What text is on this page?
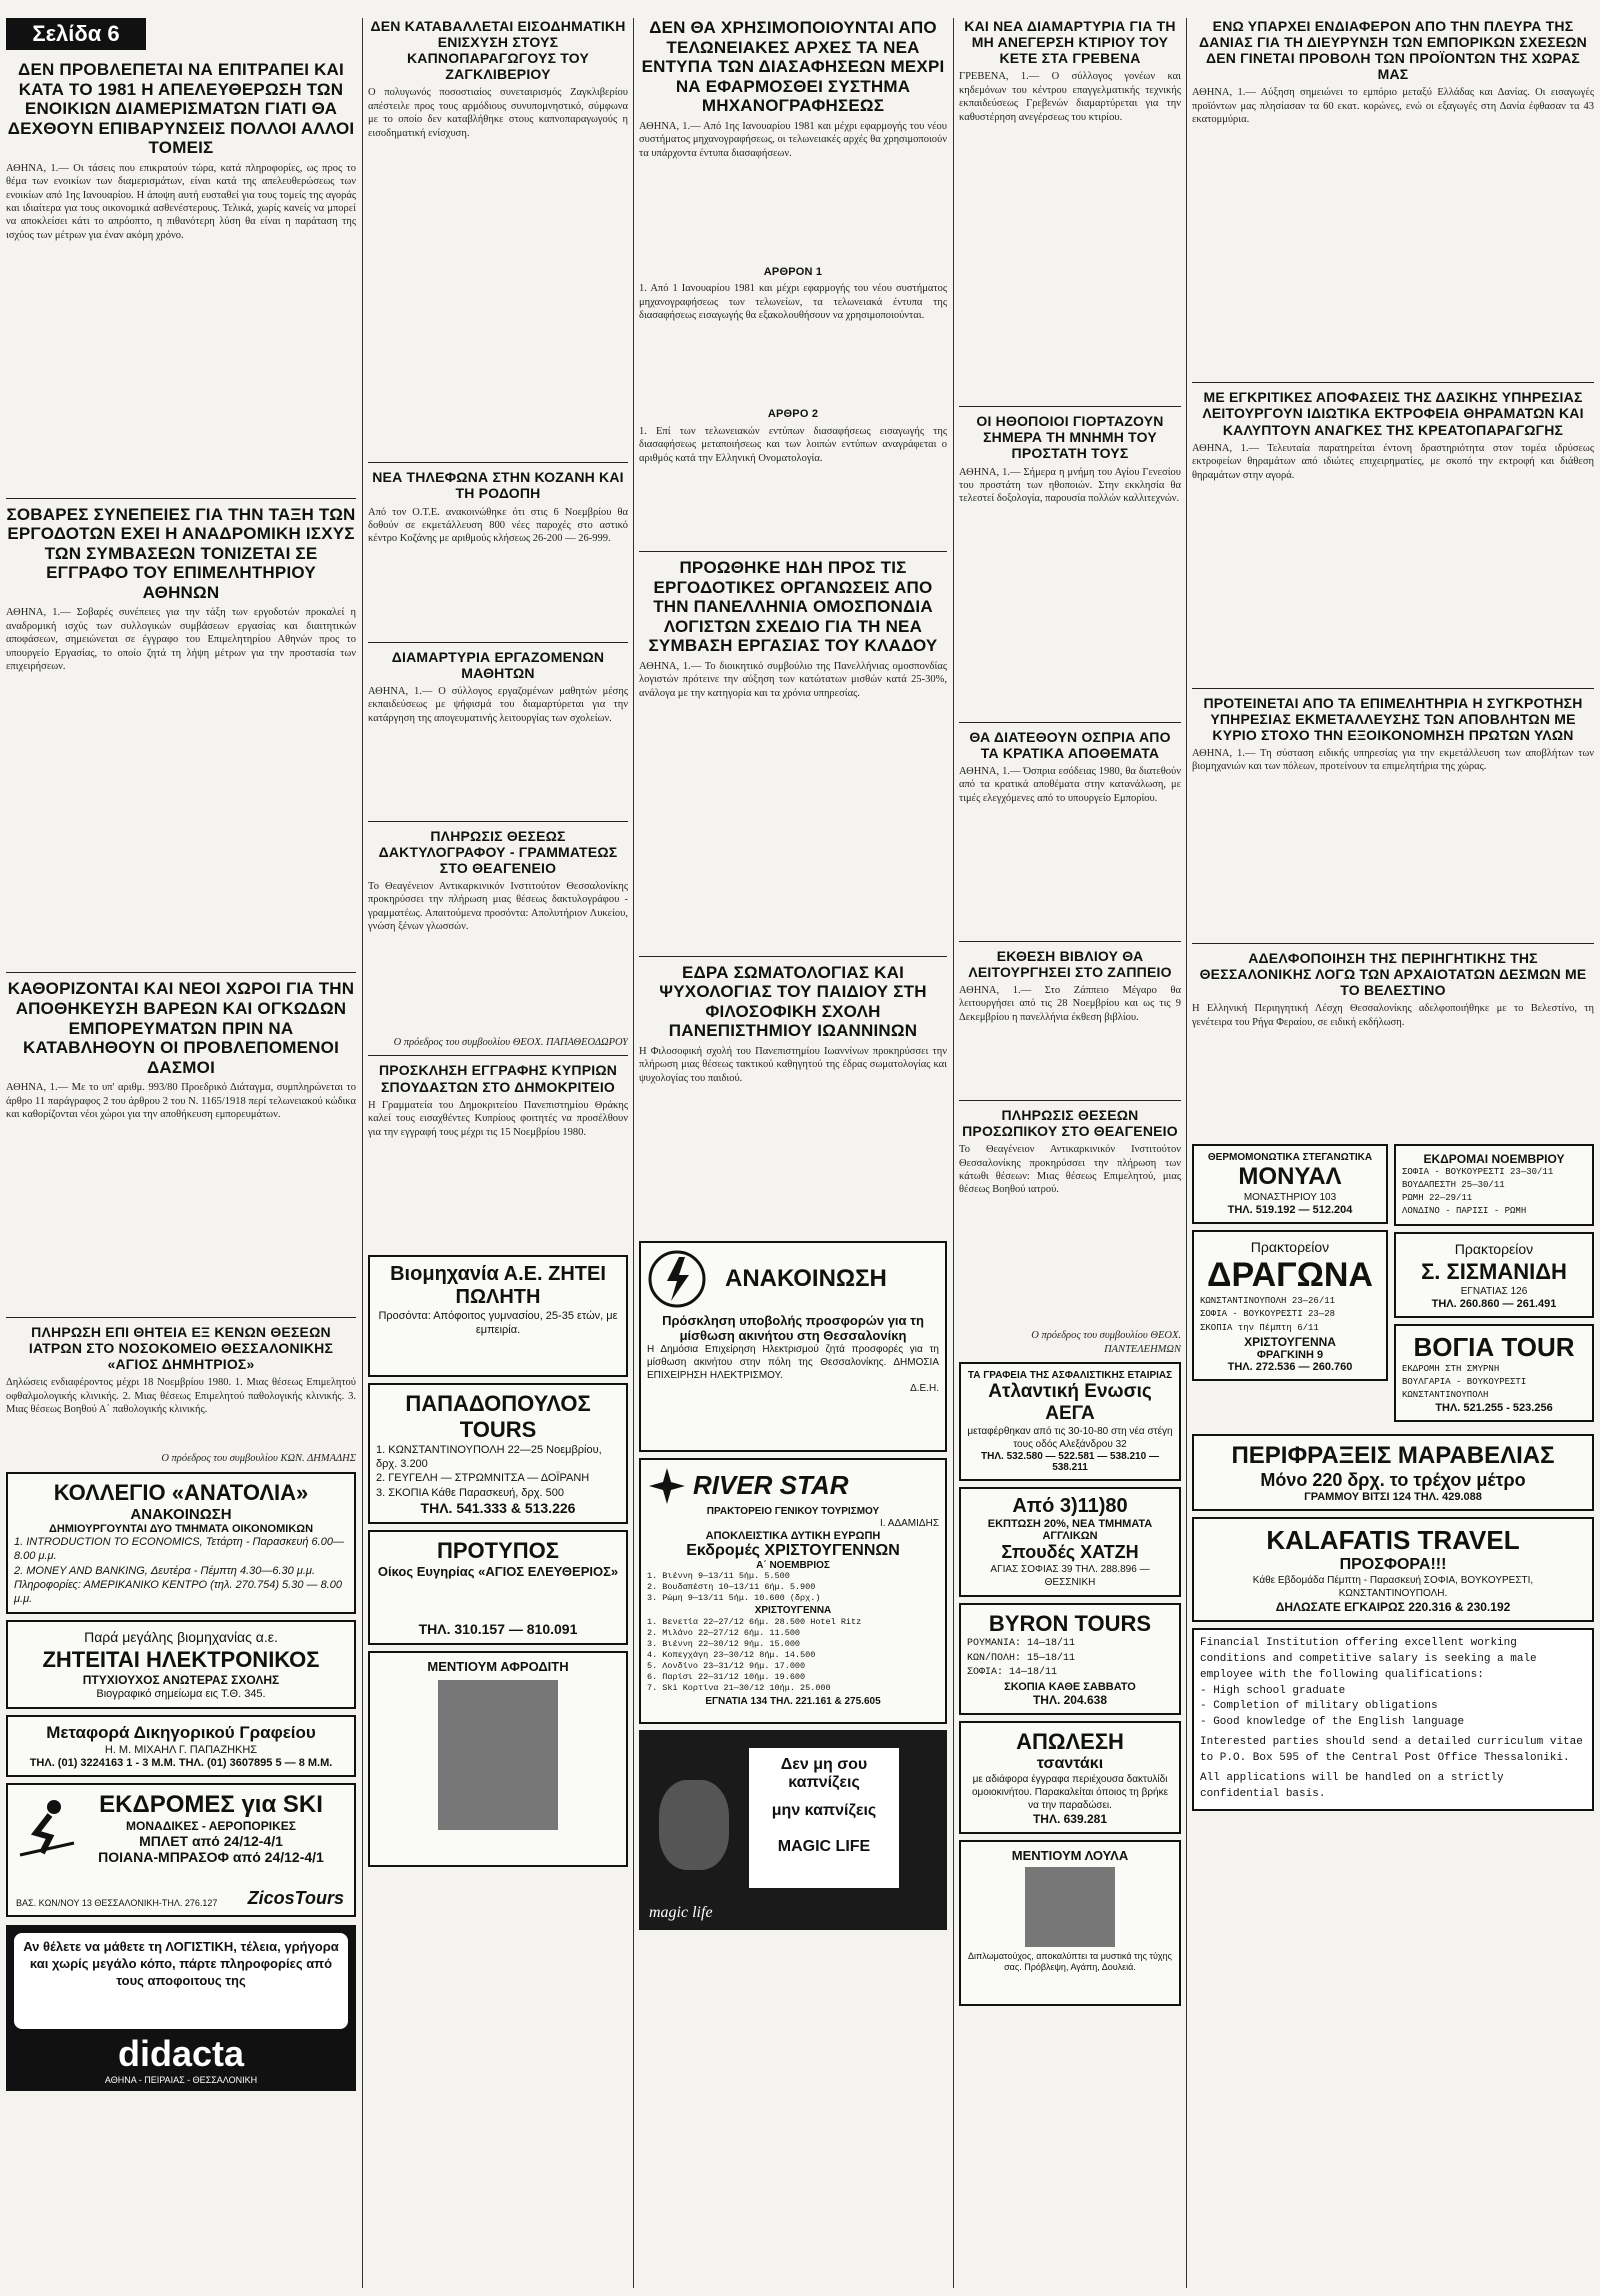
Σελίδα 6
ΔΕΝ ΠΡΟΒΛΕΠΕΤΑΙ ΝΑ ΕΠΙΤΡΑΠΕΙ ΚΑΙ ΚΑΤΑ ΤΟ 1981 Η ΑΠΕΛΕΥΘΕΡΩΣΗ ΤΩΝ ΕΝΟΙΚΙΩΝ ΔΙΑΜΕΡΙΣΜΑΤΩΝ ΓΙΑΤΙ ΘΑ ΔΕΧΘΟΥΝ ΕΠΙΒΑΡΥΝΣΕΙΣ ΠΟΛΛΟΙ ΑΛΛΟΙ ΤΟΜΕΙΣ
ΑΘΗΝΑ, 1.— Οι τάσεις που επικρατούν τώρα, κατά πληροφορίες, ως προς το θέμα των ενοικίων των διαμερισμάτων, είναι κατά της απελευθερώσεως των ενοικίων από 1ης Ιανουαρίου. Η άποψη αυτή ευσταθεί για τους τομείς της αγοράς και ιδιαίτερα για τους οικονομικά ασθενέστερους. Τελικά, χωρίς κανείς να μπορεί να αποκλείσει κάτι το απρόοπτο, η πιθανότερη λύση θα είναι η παράταση της ισχύος των μέτρων για έναν ακόμη χρόνο.
ΣΟΒΑΡΕΣ ΣΥΝΕΠΕΙΕΣ ΓΙΑ ΤΗΝ ΤΑΞΗ ΤΩΝ ΕΡΓΟΔΟΤΩΝ ΕΧΕΙ Η ΑΝΑΔΡΟΜΙΚΗ ΙΣΧΥΣ ΤΩΝ ΣΥΜΒΑΣΕΩΝ ΤΟΝΙΖΕΤΑΙ ΣΕ ΕΓΓΡΑΦΟ ΤΟΥ ΕΠΙΜΕΛΗΤΗΡΙΟΥ ΑΘΗΝΩΝ
ΑΘΗΝΑ, 1.— Σοβαρές συνέπειες για την τάξη των εργοδοτών προκαλεί η αναδρομική ισχύς των συλλογικών συμβάσεων εργασίας και διαιτητικών αποφάσεων, σημειώνεται σε έγγραφο του Επιμελητηρίου Αθηνών προς το υπουργείο Εργασίας, το οποίο ζητά τη λήψη μέτρων για την προστασία των επιχειρήσεων.
ΚΑΘΟΡΙΖΟΝΤΑΙ ΚΑΙ ΝΕΟΙ ΧΩΡΟΙ ΓΙΑ ΤΗΝ ΑΠΟΘΗΚΕΥΣΗ ΒΑΡΕΩΝ ΚΑΙ ΟΓΚΩΔΩΝ ΕΜΠΟΡΕΥΜΑΤΩΝ ΠΡΙΝ ΝΑ ΚΑΤΑΒΛΗΘΟΥΝ ΟΙ ΠΡΟΒΛΕΠΟΜΕΝΟΙ ΔΑΣΜΟΙ
ΑΘΗΝΑ, 1.— Με το υπ' αριθμ. 993/80 Προεδρικό Διάταγμα, συμπληρώνεται το άρθρο 11 παράγραφος 2 του άρθρου 2 του Ν. 1165/1918 περί τελωνειακού κώδικα και καθορίζονται νέοι χώροι για την αποθήκευση εμπορευμάτων.
ΠΛΗΡΩΣΗ ΕΠΙ ΘΗΤΕΙΑ ΕΞ ΚΕΝΩΝ ΘΕΣΕΩΝ ΙΑΤΡΩΝ ΣΤΟ ΝΟΣΟΚΟΜΕΙΟ ΘΕΣΣΑΛΟΝΙΚΗΣ «ΑΓΙΟΣ ΔΗΜΗΤΡΙΟΣ»
Δηλώσεις ενδιαφέροντος μέχρι 18 Νοεμβρίου 1980. 1. Μιας θέσεως Επιμελητού οφθαλμολογικής κλινικής. 2. Μιας θέσεως Επιμελητού παθολογικής κλινικής. 3. Μιας θέσεως Βοηθού Α΄ παθολογικής κλινικής.
Ο πρόεδρος του συμβουλίου ΚΩΝ. ΔΗΜΑΔΗΣ
ΚΟΛΛΕΓΙΟ «ΑΝΑΤΟΛΙΑ»
ΑΝΑΚΟΙΝΩΣΗ
ΔΗΜΙΟΥΡΓΟΥΝΤΑΙ ΔΥΟ ΤΜΗΜΑΤΑ ΟΙΚΟΝΟΜΙΚΩΝ
1. INTRODUCTION TO ECONOMICS, Τετάρτη - Παρασκευή 6.00—8.00 μ.μ.
2. MONEY AND BANKING, Δευτέρα - Πέμπτη 4.30—6.30 μ.μ.
Πληροφορίες: ΑΜΕΡΙΚΑΝΙΚΟ ΚΕΝΤΡΟ (τηλ. 270.754) 5.30 — 8.00 μ.μ.
Παρά μεγάλης βιομηχανίας α.ε.
ΖΗΤΕΙΤΑΙ ΗΛΕΚΤΡΟΝΙΚΟΣ
ΠΤΥΧΙΟΥΧΟΣ ΑΝΩΤΕΡΑΣ ΣΧΟΛΗΣ
Βιογραφικό σημείωμα εις Τ.Θ. 345.
Μεταφορά Δικηγορικού Γραφείου
Η. Μ. ΜΙΧΑΗΛ Γ. ΠΑΠΑΖΗΚΗΣ
ΤΗΛ. (01) 3224163 1 - 3 Μ.Μ. ΤΗΛ. (01) 3607895 5 — 8 Μ.Μ.
ΕΚΔΡΟΜΕΣ για SKI
ΜΟΝΑΔΙΚΕΣ - ΑΕΡΟΠΟΡΙΚΕΣ
ΜΠΛΕΤ από 24/12-4/1
ΠΟΙΑΝΑ-ΜΠΡΑΣΟΦ από 24/12-4/1
ΒΑΣ. ΚΩΝ/ΝΟΥ 13 ΘΕΣΣΑΛΟΝΙΚΗ-ΤΗΛ. 276.127 ZicosTours
Αν θέλετε να μάθετε τη ΛΟΓΙΣΤΙΚΗ, τέλεια, γρήγορα και χωρίς μεγάλο κόπο, πάρτε πληροφορίες από τους αποφοιτους της
didacta
ΑΘΗΝΑ - ΠΕΙΡΑΙΑΣ - ΘΕΣΣΑΛΟΝΙΚΗ
ΔΕΝ ΚΑΤΑΒΑΛΛΕΤΑΙ ΕΙΣΟΔΗΜΑΤΙΚΗ ΕΝΙΣΧΥΣΗ ΣΤΟΥΣ ΚΑΠΝΟΠΑΡΑΓΩΓΟΥΣ ΤΟΥ ΖΑΓΚΛΙΒΕΡΙΟΥ
Ο πολυγωνός ποσοστιαίος συνεταιρισμός Ζαγκλιβερίου απέστειλε προς τους αρμόδιους συνυπομνηστικό, σύμφωνα με το οποίο δεν καταβλήθηκε στους καπνοπαραγωγούς η εισοδηματική ενίσχυση.
ΝΕΑ ΤΗΛΕΦΩΝΑ ΣΤΗΝ ΚΟΖΑΝΗ ΚΑΙ ΤΗ ΡΟΔΟΠΗ
Από τον Ο.Τ.Ε. ανακοινώθηκε ότι στις 6 Νοεμβρίου θα δοθούν σε εκμετάλλευση 800 νέες παροχές στο αστικό κέντρο Κοζάνης με αριθμούς κλήσεως 26-200 — 26-999.
ΔΙΑΜΑΡΤΥΡΙΑ ΕΡΓΑΖΟΜΕΝΩΝ ΜΑΘΗΤΩΝ
ΑΘΗΝΑ, 1.— Ο σύλλογος εργαζομένων μαθητών μέσης εκπαιδεύσεως με ψήφισμά του διαμαρτύρεται για την κατάργηση της απογευματινής λειτουργίας των σχολείων.
ΠΛΗΡΩΣΙΣ ΘΕΣΕΩΣ ΔΑΚΤΥΛΟΓΡΑΦΟΥ - ΓΡΑΜΜΑΤΕΩΣ ΣΤΟ ΘΕΑΓΕΝΕΙΟ
Το Θεαγένειον Αντικαρκινικόν Ινστιτούτον Θεσσαλονίκης προκηρύσσει την πλήρωση μιας θέσεως δακτυλογράφου - γραμματέως. Απαιτούμενα προσόντα: Απολυτήριον Λυκείου, γνώση ξένων γλωσσών.
Ο πρόεδρος του συμβουλίου ΘΕΟΧ. ΠΑΠΑΘΕΟΔΩΡΟΥ
ΠΡΟΣΚΛΗΣΗ ΕΓΓΡΑΦΗΣ ΚΥΠΡΙΩΝ ΣΠΟΥΔΑΣΤΩΝ ΣΤΟ ΔΗΜΟΚΡΙΤΕΙΟ
Η Γραμματεία του Δημοκριτείου Πανεπιστημίου Θράκης καλεί τους εισαχθέντες Κυπρίους φοιτητές να προσέλθουν για την εγγραφή τους μέχρι τις 15 Νοεμβρίου 1980.
Βιομηχανία Α.Ε. ΖΗΤΕΙ ΠΩΛΗΤΗ
Προσόντα: Απόφοιτος γυμνασίου, 25-35 ετών, με εμπειρία.
ΠΑΠΑΔΟΠΟΥΛΟΣ TOURS
1. ΚΩΝΣΤΑΝΤΙΝΟΥΠΟΛΗ 22—25 Νοεμβρίου, δρχ. 3.200
2. ΓΕΥΓΕΛΗ — ΣΤΡΩΜΝΙΤΣΑ — ΔΟΪΡΑΝΗ
3. ΣΚΟΠΙΑ Κάθε Παρασκευή, δρχ. 500
ΤΗΛ. 541.333 & 513.226
ΠΡΟΤΥΠΟΣ
Οίκος Ευγηρίας «ΑΓΙΟΣ ΕΛΕΥΘΕΡΙΟΣ»
ΤΗΛ. 310.157 — 810.091
ΜΕΝΤΙΟΥΜ ΑΦΡΟΔΙΤΗ
ΔΕΝ ΘΑ ΧΡΗΣΙΜΟΠΟΙΟΥΝΤΑΙ ΑΠΟ ΤΕΛΩΝΕΙΑΚΕΣ ΑΡΧΕΣ ΤΑ ΝΕΑ ΕΝΤΥΠΑ ΤΩΝ ΔΙΑΣΑΦΗΣΕΩΝ ΜΕΧΡΙ ΝΑ ΕΦΑΡΜΟΣΘΕΙ ΣΥΣΤΗΜΑ ΜΗΧΑΝΟΓΡΑΦΗΣΕΩΣ
ΑΘΗΝΑ, 1.— Από 1ης Ιανουαρίου 1981 και μέχρι εφαρμογής του νέου συστήματος μηχανογραφήσεως, οι τελωνειακές αρχές θα χρησιμοποιούν τα υπάρχοντα έντυπα διασαφήσεων.
ΑΡΘΡΟΝ 1
1. Από 1 Ιανουαρίου 1981 και μέχρι εφαρμογής του νέου συστήματος μηχανογραφήσεως των τελωνείων, τα τελωνειακά έντυπα της διασαφήσεως εισαγωγής θα εξακολουθήσουν να χρησιμοποιούνται.
ΑΡΘΡΟ 2
1. Επί των τελωνειακών εντύπων διασαφήσεως εισαγωγής της διασαφήσεως μεταποιήσεως και των λοιπών εντύπων αναγράφεται ο αριθμός κατά την Ελληνική Ονοματολογία.
ΠΡΟΩΘΗΚΕ ΗΔΗ ΠΡΟΣ ΤΙΣ ΕΡΓΟΔΟΤΙΚΕΣ ΟΡΓΑΝΩΣΕΙΣ ΑΠΟ ΤΗΝ ΠΑΝΕΛΛΗΝΙΑ ΟΜΟΣΠΟΝΔΙΑ ΛΟΓΙΣΤΩΝ ΣΧΕΔΙΟ ΓΙΑ ΤΗ ΝΕΑ ΣΥΜΒΑΣΗ ΕΡΓΑΣΙΑΣ ΤΟΥ ΚΛΑΔΟΥ
ΑΘΗΝΑ, 1.— Το διοικητικό συμβούλιο της Πανελλήνιας ομοσπονδίας λογιστών πρότεινε την αύξηση των κατώτατων μισθών κατά 25-30%, ανάλογα με την κατηγορία και τα χρόνια υπηρεσίας.
ΕΔΡΑ ΣΩΜΑΤΟΛΟΓΙΑΣ ΚΑΙ ΨΥΧΟΛΟΓΙΑΣ ΤΟΥ ΠΑΙΔΙΟΥ ΣΤΗ ΦΙΛΟΣΟΦΙΚΗ ΣΧΟΛΗ ΠΑΝΕΠΙΣΤΗΜΙΟΥ ΙΩΑΝΝΙΝΩΝ
Η Φιλοσοφική σχολή του Πανεπιστημίου Ιωαννίνων προκηρύσσει την πλήρωση μιας θέσεως τακτικού καθηγητού της έδρας σωματολογίας και ψυχολογίας του παιδιού.
ΑΝΑΚΟΙΝΩΣΗ
Πρόσκληση υποβολής προσφορών για τη μίσθωση ακινήτου στη Θεσσαλονίκη
Η Δημόσια Επιχείρηση Ηλεκτρισμού ζητά προσφορές για τη μίσθωση ακινήτου στην πόλη της Θεσσαλονίκης. ΔΗΜΟΣΙΑ ΕΠΙΧΕΙΡΗΣΗ ΗΛΕΚΤΡΙΣΜΟΥ.
Δ.Ε.Η.
RIVER STAR
ΠΡΑΚΤΟΡΕΙΟ ΓΕΝΙΚΟΥ ΤΟΥΡΙΣΜΟΥ
Ι. ΑΔΑΜΙΔΗΣ
ΑΠΟΚΛΕΙΣΤΙΚΑ ΔΥΤΙΚΗ ΕΥΡΩΠΗ
Εκδρομές ΧΡΙΣΤΟΥΓΕΝΝΩΝ
Α΄ ΝΟΕΜΒΡΙΟΣ
1. Βιέννη 9—13/11 5ήμ. 5.500
2. Βουδαπέστη 10—13/11 6ήμ. 5.900
3. Ρώμη 9—13/11 5ήμ. 10.600 (δρχ.)
ΧΡΙΣΤΟΥΓΕΝΝΑ
1. Βενετία 22—27/12 6ήμ. 28.500 Hotel Ritz
2. Μιλάνο 22—27/12 6ήμ. 11.500
3. Βιέννη 22—30/12 9ήμ. 15.000
4. Κοπεγχάγη 23—30/12 8ήμ. 14.500
5. Λονδίνο 23—31/12 9ήμ. 17.000
6. Παρίσι 22—31/12 10ήμ. 19.600
7. Ski Κορτίνα 21—30/12 10ήμ. 25.000
ΕΓΝΑΤΙΑ 134 ΤΗΛ. 221.161 & 275.605
Δεν μη σου καπνίζεις
μην καπνίζεις
MAGIC LIFE
magic life
ΚΑΙ ΝΕΑ ΔΙΑΜΑΡΤΥΡΙΑ ΓΙΑ ΤΗ ΜΗ ΑΝΕΓΕΡΣΗ ΚΤΙΡΙΟΥ ΤΟΥ ΚΕΤΕ ΣΤΑ ΓΡΕΒΕΝΑ
ΓΡΕΒΕΝΑ, 1.— Ο σύλλογος γονέων και κηδεμόνων του κέντρου επαγγελματικής τεχνικής εκπαιδεύσεως Γρεβενών διαμαρτύρεται για την καθυστέρηση ανεγέρσεως του κτιρίου.
ΟΙ ΗΘΟΠΟΙΟΙ ΓΙΟΡΤΑΖΟΥΝ ΣΗΜΕΡΑ ΤΗ ΜΝΗΜΗ ΤΟΥ ΠΡΟΣΤΑΤΗ ΤΟΥΣ
ΑΘΗΝΑ, 1.— Σήμερα η μνήμη του Αγίου Γενεσίου του προστάτη των ηθοποιών. Στην εκκλησία θα τελεστεί δοξολογία, παρουσία πολλών καλλιτεχνών.
ΘΑ ΔΙΑΤΕΘΟΥΝ ΟΣΠΡΙΑ ΑΠΟ ΤΑ ΚΡΑΤΙΚΑ ΑΠΟΘΕΜΑΤΑ
ΑΘΗΝΑ, 1.— Όσπρια εσόδειας 1980, θα διατεθούν από τα κρατικά αποθέματα στην κατανάλωση, με τιμές ελεγχόμενες από το υπουργείο Εμπορίου.
ΕΚΘΕΣΗ ΒΙΒΛΙΟΥ ΘΑ ΛΕΙΤΟΥΡΓΗΣΕΙ ΣΤΟ ΖΑΠΠΕΙΟ
ΑΘΗΝΑ, 1.— Στο Ζάππειο Μέγαρο θα λειτουργήσει από τις 28 Νοεμβρίου και ως τις 9 Δεκεμβρίου η πανελλήνια έκθεση βιβλίου.
ΠΛΗΡΩΣΙΣ ΘΕΣΕΩΝ ΠΡΟΣΩΠΙΚΟΥ ΣΤΟ ΘΕΑΓΕΝΕΙΟ
Το Θεαγένειον Αντικαρκινικόν Ινστιτούτον Θεσσαλονίκης προκηρύσσει την πλήρωση των κάτωθι θέσεων: Μιας θέσεως Επιμελητού, μιας θέσεως Βοηθού ιατρού.
Ο πρόεδρος του συμβουλίου ΘΕΟΧ. ΠΑΝΤΕΛΕΗΜΩΝ
ΤΑ ΓΡΑΦΕΙΑ ΤΗΣ ΑΣΦΑΛΙΣΤΙΚΗΣ ΕΤΑΙΡΙΑΣ
Ατλαντική Ενωσις ΑΕΓΑ
μεταφέρθηκαν από τις 30-10-80 στη νέα στέγη τους οδός Αλεξάνδρου 32
ΤΗΛ. 532.580 — 522.581 — 538.210 — 538.211
Από 3)11)80
ΕΚΠΤΩΣΗ 20%, ΝΕΑ ΤΜΗΜΑΤΑ ΑΓΓΛΙΚΩΝ
Σπουδές ΧΑΤΖΗ
ΑΓΙΑΣ ΣΟΦΙΑΣ 39 ΤΗΛ. 288.896 — ΘΕΣΣΝΙΚΗ
BYRON TOURS
ΡΟΥΜΑΝΙΑ: 14—18/11
ΚΩΝ/ΠΟΛΗ: 15—18/11
ΣΟΦΙΑ: 14—18/11
ΣΚΟΠΙΑ ΚΑΘΕ ΣΑΒΒΑΤΟ
ΤΗΛ. 204.638
ΑΠΩΛΕΣΗ
τσαντάκι
με αδιάφορα έγγραφα περιέχουσα δακτυλίδι ομοιοκινήτου. Παρακαλείται όποιος τη βρήκε να την παραδώσει.
ΤΗΛ. 639.281
ΜΕΝΤΙΟΥΜ ΛΟΥΛΑ
Διπλωματούχος, αποκαλύπτει τα μυστικά της τύχης σας. Πρόβλεψη, Αγάπη, Δουλειά.
ΕΝΩ ΥΠΑΡΧΕΙ ΕΝΔΙΑΦΕΡΟΝ ΑΠΟ ΤΗΝ ΠΛΕΥΡΑ ΤΗΣ ΔΑΝΙΑΣ ΓΙΑ ΤΗ ΔΙΕΥΡΥΝΣΗ ΤΩΝ ΕΜΠΟΡΙΚΩΝ ΣΧΕΣΕΩΝ ΔΕΝ ΓΙΝΕΤΑΙ ΠΡΟΒΟΛΗ ΤΩΝ ΠΡΟΪΟΝΤΩΝ ΤΗΣ ΧΩΡΑΣ ΜΑΣ
ΑΘΗΝΑ, 1.— Αύξηση σημειώνει το εμπόριο μεταξύ Ελλάδας και Δανίας. Οι εισαγωγές προϊόντων μας πλησίασαν τα 60 εκατ. κορώνες, ενώ οι εξαγωγές στη Δανία έφθασαν τα 43 εκατομμύρια.
ΜΕ ΕΓΚΡΙΤΙΚΕΣ ΑΠΟΦΑΣΕΙΣ ΤΗΣ ΔΑΣΙΚΗΣ ΥΠΗΡΕΣΙΑΣ ΛΕΙΤΟΥΡΓΟΥΝ ΙΔΙΩΤΙΚΑ ΕΚΤΡΟΦΕΙΑ ΘΗΡΑΜΑΤΩΝ ΚΑΙ ΚΑΛΥΠΤΟΥΝ ΑΝΑΓΚΕΣ ΤΗΣ ΚΡΕΑΤΟΠΑΡΑΓΩΓΗΣ
ΑΘΗΝΑ, 1.— Τελευταία παρατηρείται έντονη δραστηριότητα στον τομέα ιδρύσεως εκτροφείων θηραμάτων από ιδιώτες επιχειρηματίες, με σκοπό την εκτροφή και διάθεση θηραμάτων στην αγορά.
ΠΡΟΤΕΙΝΕΤΑΙ ΑΠΟ ΤΑ ΕΠΙΜΕΛΗΤΗΡΙΑ Η ΣΥΓΚΡΟΤΗΣΗ ΥΠΗΡΕΣΙΑΣ ΕΚΜΕΤΑΛΛΕΥΣΗΣ ΤΩΝ ΑΠΟΒΛΗΤΩΝ ΜΕ ΚΥΡΙΟ ΣΤΟΧΟ ΤΗΝ ΕΞΟΙΚΟΝΟΜΗΣΗ ΠΡΩΤΩΝ ΥΛΩΝ
ΑΘΗΝΑ, 1.— Τη σύσταση ειδικής υπηρεσίας για την εκμετάλλευση των αποβλήτων των βιομηχανιών και των πόλεων, προτείνουν τα επιμελητήρια της χώρας.
ΑΔΕΛΦΟΠΟΙΗΣΗ ΤΗΣ ΠΕΡΙΗΓΗΤΙΚΗΣ ΤΗΣ ΘΕΣΣΑΛΟΝΙΚΗΣ ΛΟΓΩ ΤΩΝ ΑΡΧΑΙΟΤΑΤΩΝ ΔΕΣΜΩΝ ΜΕ ΤΟ ΒΕΛΕΣΤΙΝΟ
Η Ελληνική Περιηγητική Λέσχη Θεσσαλονίκης αδελφοποιήθηκε με το Βελεστίνο, τη γενέτειρα του Ρήγα Φεραίου, σε ειδική εκδήλωση.
ΘΕΡΜΟΜΟΝΩΤΙΚΑ ΣΤΕΓΑΝΩΤΙΚΑ
ΜΟΝΥΑΛ
ΜΟΝΑΣΤΗΡΙΟΥ 103
ΤΗΛ. 519.192 — 512.204
Πρακτορείον
ΔΡΑΓΩΝΑ
ΚΩΝΣΤΑΝΤΙΝΟΥΠΟΛΗ 23—26/11
ΣΟΦΙΑ - ΒΟΥΚΟΥΡΕΣΤΙ 23—28
ΣΚΟΠΙΑ την Πέμπτη 6/11
ΧΡΙΣΤΟΥΓΕΝΝΑ
ΦΡΑΓΚΙΝΗ 9
ΤΗΛ. 272.536 — 260.760
ΕΚΔΡΟΜΑΙ ΝΟΕΜΒΡΙΟΥ
ΣΟΦΙΑ - ΒΟΥΚΟΥΡΕΣΤΙ 23—30/11
ΒΟΥΔΑΠΕΣΤΗ 25—30/11
ΡΩΜΗ 22—29/11
ΛΟΝΔΙΝΟ - ΠΑΡΙΣΙ - ΡΩΜΗ
Πρακτορείον
Σ. ΣΙΣΜΑΝΙΔΗ
ΕΓΝΑΤΙΑΣ 126
ΤΗΛ. 260.860 — 261.491
ΒΟΓΙΑ TOUR
ΕΚΔΡΟΜΗ ΣΤΗ ΣΜΥΡΝΗ
ΒΟΥΛΓΑΡΙΑ - ΒΟΥΚΟΥΡΕΣΤΙ
ΚΩΝΣΤΑΝΤΙΝΟΥΠΟΛΗ
ΤΗΛ. 521.255 - 523.256
ΠΕΡΙΦΡΑΞΕΙΣ ΜΑΡΑΒΕΛΙΑΣ
Μόνο 220 δρχ. το τρέχον μέτρο
ΓΡΑΜΜΟΥ ΒΙΤΣΙ 124 ΤΗΛ. 429.088
KALAFATIS TRAVEL
ΠΡΟΣΦΟΡΑ!!!
Κάθε Εβδομάδα Πέμπτη - Παρασκευή ΣΟΦΙΑ, ΒΟΥΚΟΥΡΕΣΤΙ, ΚΩΝΣΤΑΝΤΙΝΟΥΠΟΛΗ.
ΔΗΛΩΣΑΤΕ ΕΓΚΑΙΡΩΣ 220.316 & 230.192
Financial Institution offering excellent working conditions and competitive salary is seeking a male employee with the following qualifications:
- High school graduate
- Completion of military obligations
- Good knowledge of the English language
Interested parties should send a detailed curriculum vitae to P.O. Box 595 of the Central Post Office Thessaloniki.
All applications will be handled on a strictly confidential basis.
